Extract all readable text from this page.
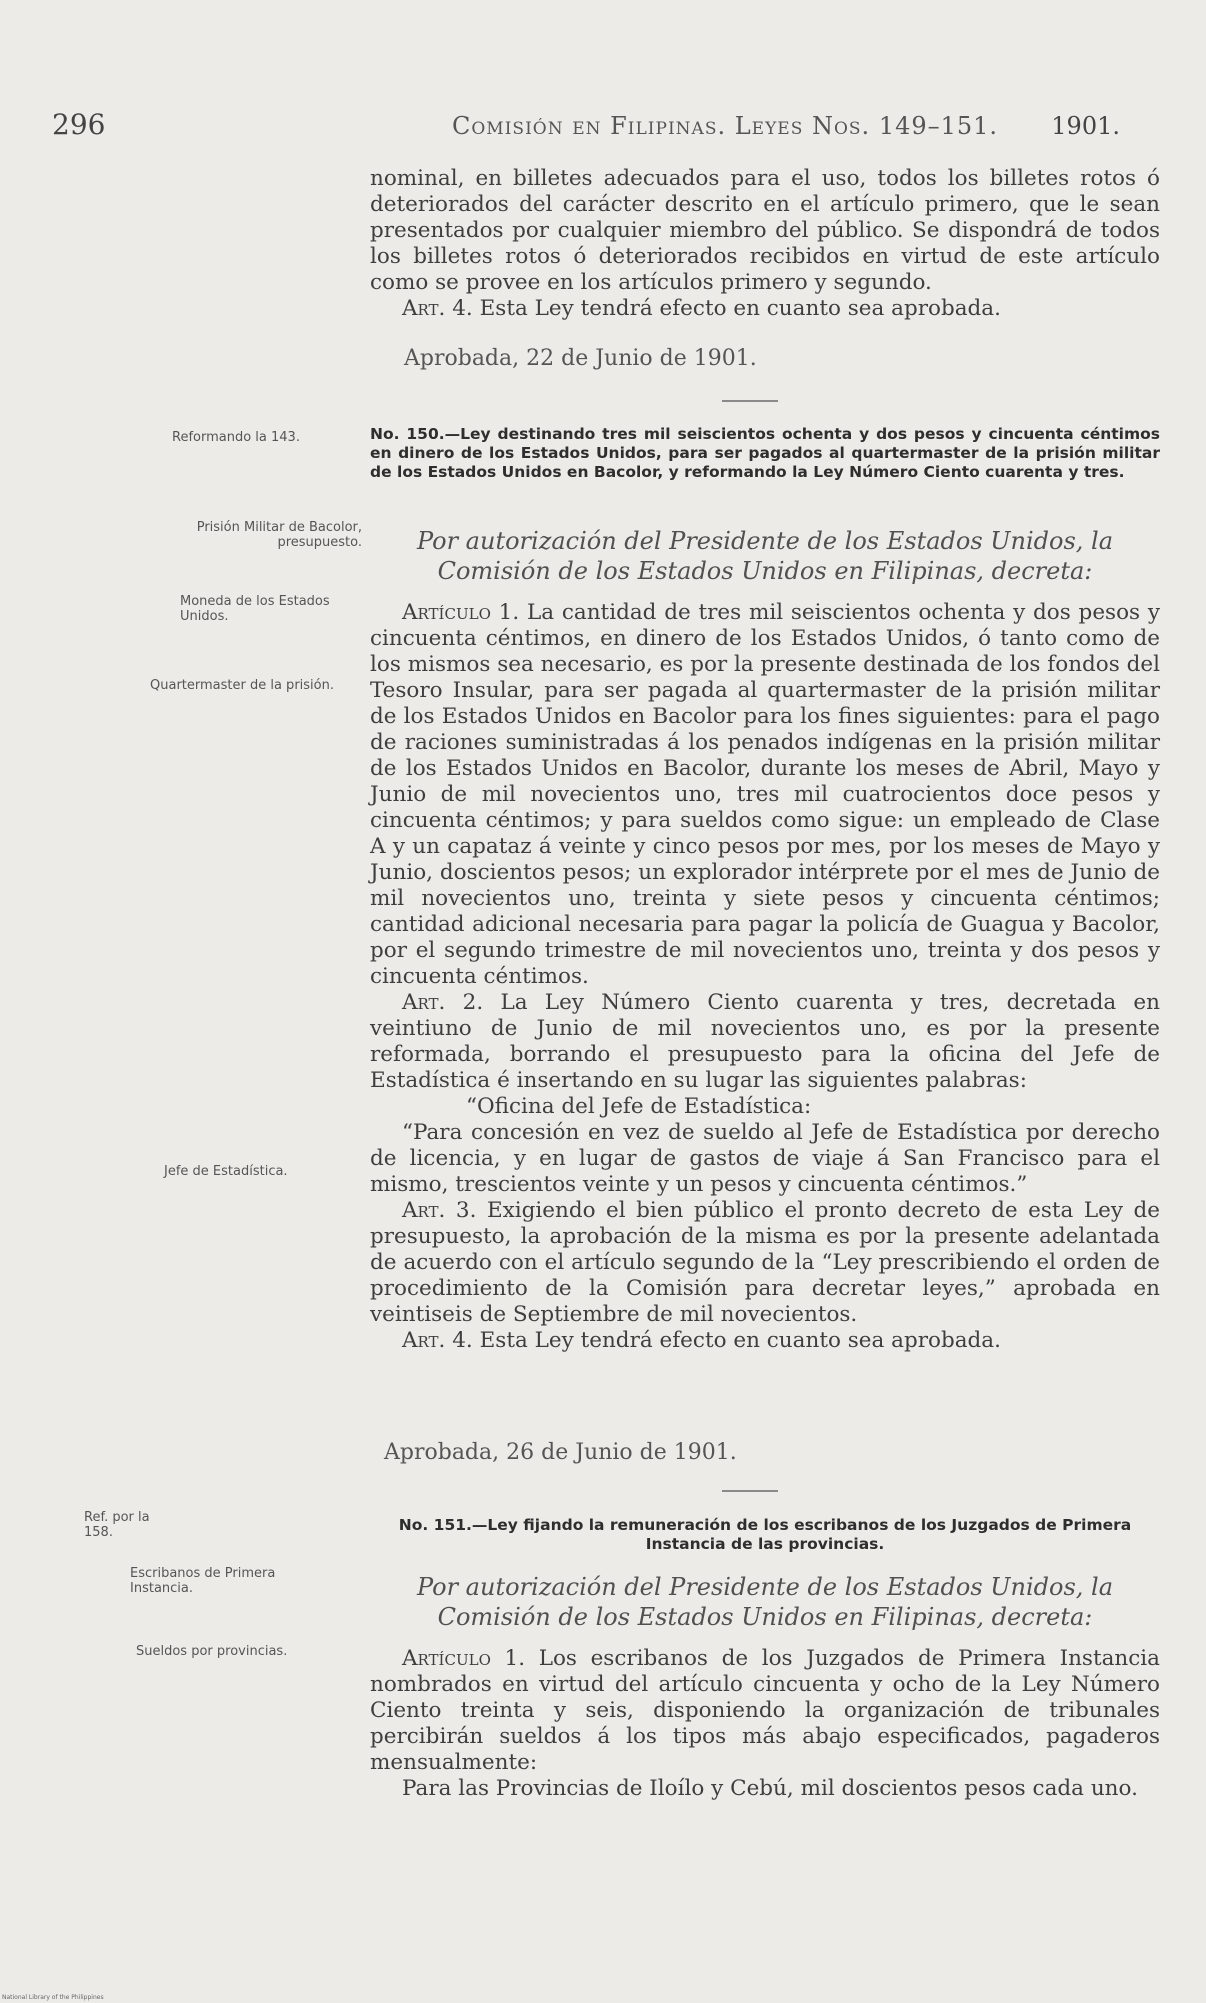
296	Comisión en Filipinas. Leyes Nos. 149–151. 1901.

nominal, en billetes adecuados para el uso, todos los billetes rotos ó deteriorados del carácter descrito en el artículo primero, que le sean presentados por cualquier miembro del público. Se dispondrá de todos los billetes rotos ó deteriorados recibidos en virtud de este artículo como se provee en los artículos primero y segundo.

Art. 4. Esta Ley tendrá efecto en cuanto sea aprobada.

Aprobada, 22 de Junio de 1901.
No. 150.—Ley destinando tres mil seiscientos ochenta y dos pesos y cincuenta céntimos en dinero de los Estados Unidos, para ser pagados al quartermaster de la prisión militar de los Estados Unidos en Bacolor, y reformando la Ley Número Ciento cuarenta y tres.
Por autorización del Presidente de los Estados Unidos, la Comisión de los Estados Unidos en Filipinas, decreta:

Artículo 1. La cantidad de tres mil seiscientos ochenta y dos pesos y cincuenta céntimos, en dinero de los Estados Unidos, ó tanto como de los mismos sea necesario, es por la presente destinada de los fondos del Tesoro Insular, para ser pagada al quartermaster de la prisión militar de los Estados Unidos en Bacolor para los fines siguientes: para el pago de raciones suministradas á los penados indígenas en la prisión militar de los Estados Unidos en Bacolor, durante los meses de Abril, Mayo y Junio de mil novecientos uno, tres mil cuatrocientos doce pesos y cincuenta céntimos; y para sueldos como sigue: un empleado de Clase A y un capataz á veinte y cinco pesos por mes, por los meses de Mayo y Junio, doscientos pesos; un explorador intérprete por el mes de Junio de mil novecientos uno, treinta y siete pesos y cincuenta céntimos; cantidad adicional necesaria para pagar la policía de Guagua y Bacolor, por el segundo trimestre de mil novecientos uno, treinta y dos pesos y cincuenta céntimos.

Art. 2. La Ley Número Ciento cuarenta y tres, decretada en veintiuno de Junio de mil novecientos uno, es por la presente reformada, borrando el presupuesto para la oficina del Jefe de Estadística é insertando en su lugar las siguientes palabras:

“Oficina del Jefe de Estadística:

“Para concesión en vez de sueldo al Jefe de Estadística por derecho de licencia, y en lugar de gastos de viaje á San Francisco para el mismo, trescientos veinte y un pesos y cincuenta céntimos.”

Art. 3. Exigiendo el bien público el pronto decreto de esta Ley de presupuesto, la aprobación de la misma es por la presente adelantada de acuerdo con el artículo segundo de la “Ley prescribiendo el orden de procedimiento de la Comisión para decretar leyes,” aprobada en veintiseis de Septiembre de mil novecientos.

Art. 4. Esta Ley tendrá efecto en cuanto sea aprobada.

Aprobada, 26 de Junio de 1901.
No. 151.—Ley fijando la remuneración de los escribanos de los Juzgados de Primera Instancia de las provincias.
Por autorización del Presidente de los Estados Unidos, la Comisión de los Estados Unidos en Filipinas, decreta:

Artículo 1. Los escribanos de los Juzgados de Primera Instancia nombrados en virtud del artículo cincuenta y ocho de la Ley Número Ciento treinta y seis, disponiendo la organización de tribunales percibirán sueldos á los tipos más abajo especificados, pagaderos mensualmente:

Para las Provincias de Iloílo y Cebú, mil doscientos pesos cada uno.

Reformando la 143.
Prisión Militar de Bacolor, presupuesto.
Moneda de los Estados Unidos.
Quartermaster de la prisión.
Jefe de Estadística.
Ref. por la 158.
Escribanos de Primera Instancia.
Sueldos por provincias.
National Library of the Philippines
